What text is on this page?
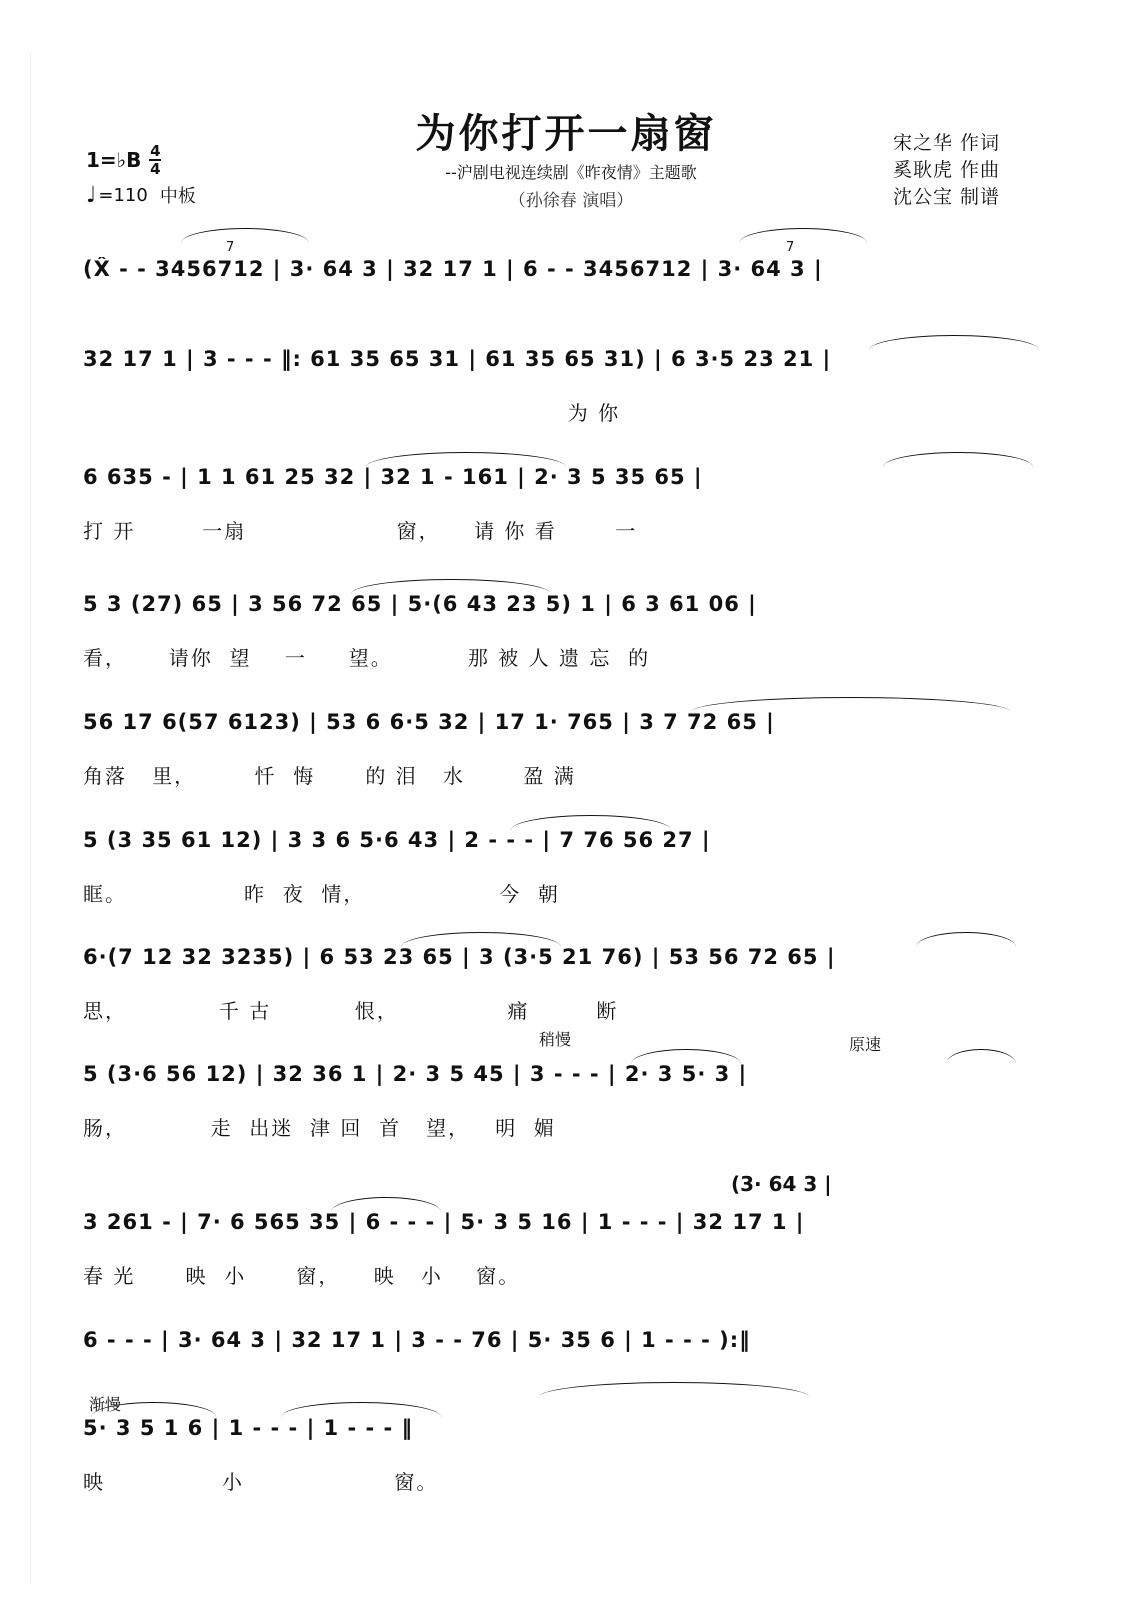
为你打开一扇窗
--沪剧电视连续剧《昨夜情》主题歌
（孙徐春 演唱）
宋之华 作词
奚耿虎 作曲
沈公宝 制谱
1=♭B 4
4
♩ =110 中板
7	7
(X̂ - - 3456712 | 3· 64 3 | 32 17 1 | 6 - - 3456712 | 3· 64 3 |
32 17 1 | 3 - - - ‖: 61 35 65 31 | 61 35 65 31) | 6 3·5 23 21 |
为 你
6 635 - | 1 1 61 25 32 | 32 1 - 161 | 2· 3 5 35 65 |
打 开        一扇                  窗，    请 你 看       一
5 3 (27) 65 | 3 56 72 65 | 5·(6 43 23 5) 1 | 6 3 61 06 |
看，     请你  望    一     望。         那 被 人 遗 忘  的
56 17 6(57 6123) | 53 6 6·5 32 | 17 1· 765 | 3 7 72 65 |
角落   里，       忏  悔      的 泪   水       盈 满
5 (3 35 61 12) | 3 3 6 5·6 43 | 2 - - - | 7 76 56 27 |
眶。              昨  夜  情，                今  朝
6·(7 12 32 3235) | 6 53 23 65 | 3 (3·5 21 76) | 53 56 72 65 |
思，           千 古          恨，             痛        断
稍慢	原速
5 (3·6 56 12) | 32 36 1 | 2· 3 5 45 | 3 - - - | 2· 3 5· 3 |
肠，          走  出迷  津 回  首   望，   明  媚
(3· 64 3 |
3 261 - | 7· 6 565 35 | 6 - - - | 5· 3 5 16 | 1 - - - | 32 17 1 |
春 光      映  小      窗，    映   小    窗。
6 - - - | 3· 64 3 | 32 17 1 | 3 - - 76 | 5· 35 6 | 1 - - - ):‖
渐慢
5· 3 5 1 6 | 1 - - - | 1 - - - ‖
映              小                  窗。
